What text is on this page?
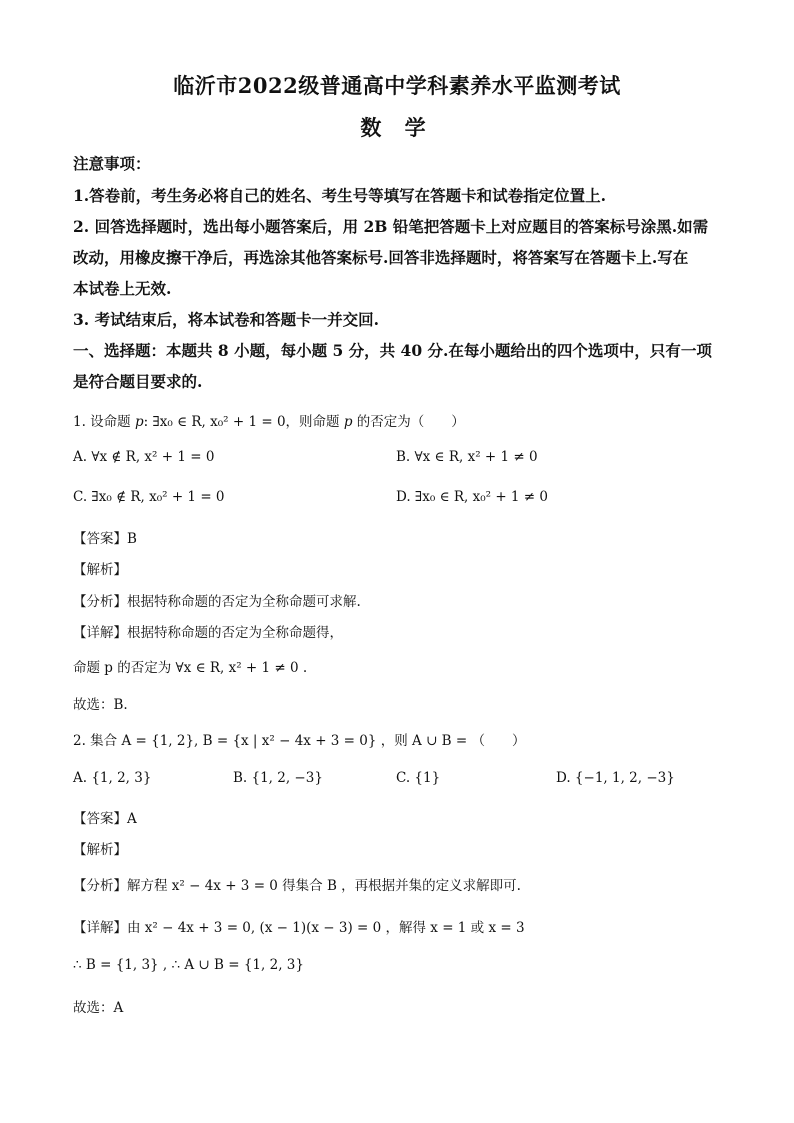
临沂市2022级普通高中学科素养水平监测考试
数 学
注意事项：
1.答卷前，考生务必将自己的姓名、考生号等填写在答题卡和试卷指定位置上.
2. 回答选择题时，选出每小题答案后，用 2B 铅笔把答题卡上对应题目的答案标号涂黑.如需
改动，用橡皮擦干净后，再选涂其他答案标号.回答非选择题时，将答案写在答题卡上.写在
本试卷上无效.
3. 考试结束后，将本试卷和答题卡一并交回.
一、选择题：本题共 8 小题，每小题 5 分，共 40 分.在每小题给出的四个选项中，只有一项
是符合题目要求的.
1. 设命题 p: ∃x₀ ∈ R, x₀² + 1 = 0，则命题 p 的否定为（　　）
A. ∀x ∉ R, x² + 1 = 0	B. ∀x ∈ R, x² + 1 ≠ 0
C. ∃x₀ ∉ R, x₀² + 1 = 0	D. ∃x₀ ∈ R, x₀² + 1 ≠ 0
【答案】B
【解析】
【分析】根据特称命题的否定为全称命题可求解.
【详解】根据特称命题的否定为全称命题得，
命题 p 的否定为 ∀x ∈ R, x² + 1 ≠ 0 .
故选：B.
2. 集合 A = {1, 2}, B = {x | x² − 4x + 3 = 0} ，则 A ∪ B = （　　）
A. {1, 2, 3}	B. {1, 2, −3}	C. {1}	D. {−1, 1, 2, −3}
【答案】A
【解析】
【分析】解方程 x² − 4x + 3 = 0 得集合 B ，再根据并集的定义求解即可.
【详解】由 x² − 4x + 3 = 0, (x − 1)(x − 3) = 0 ，解得 x = 1 或 x = 3
∴ B = {1, 3} , ∴ A ∪ B = {1, 2, 3}
故选：A
